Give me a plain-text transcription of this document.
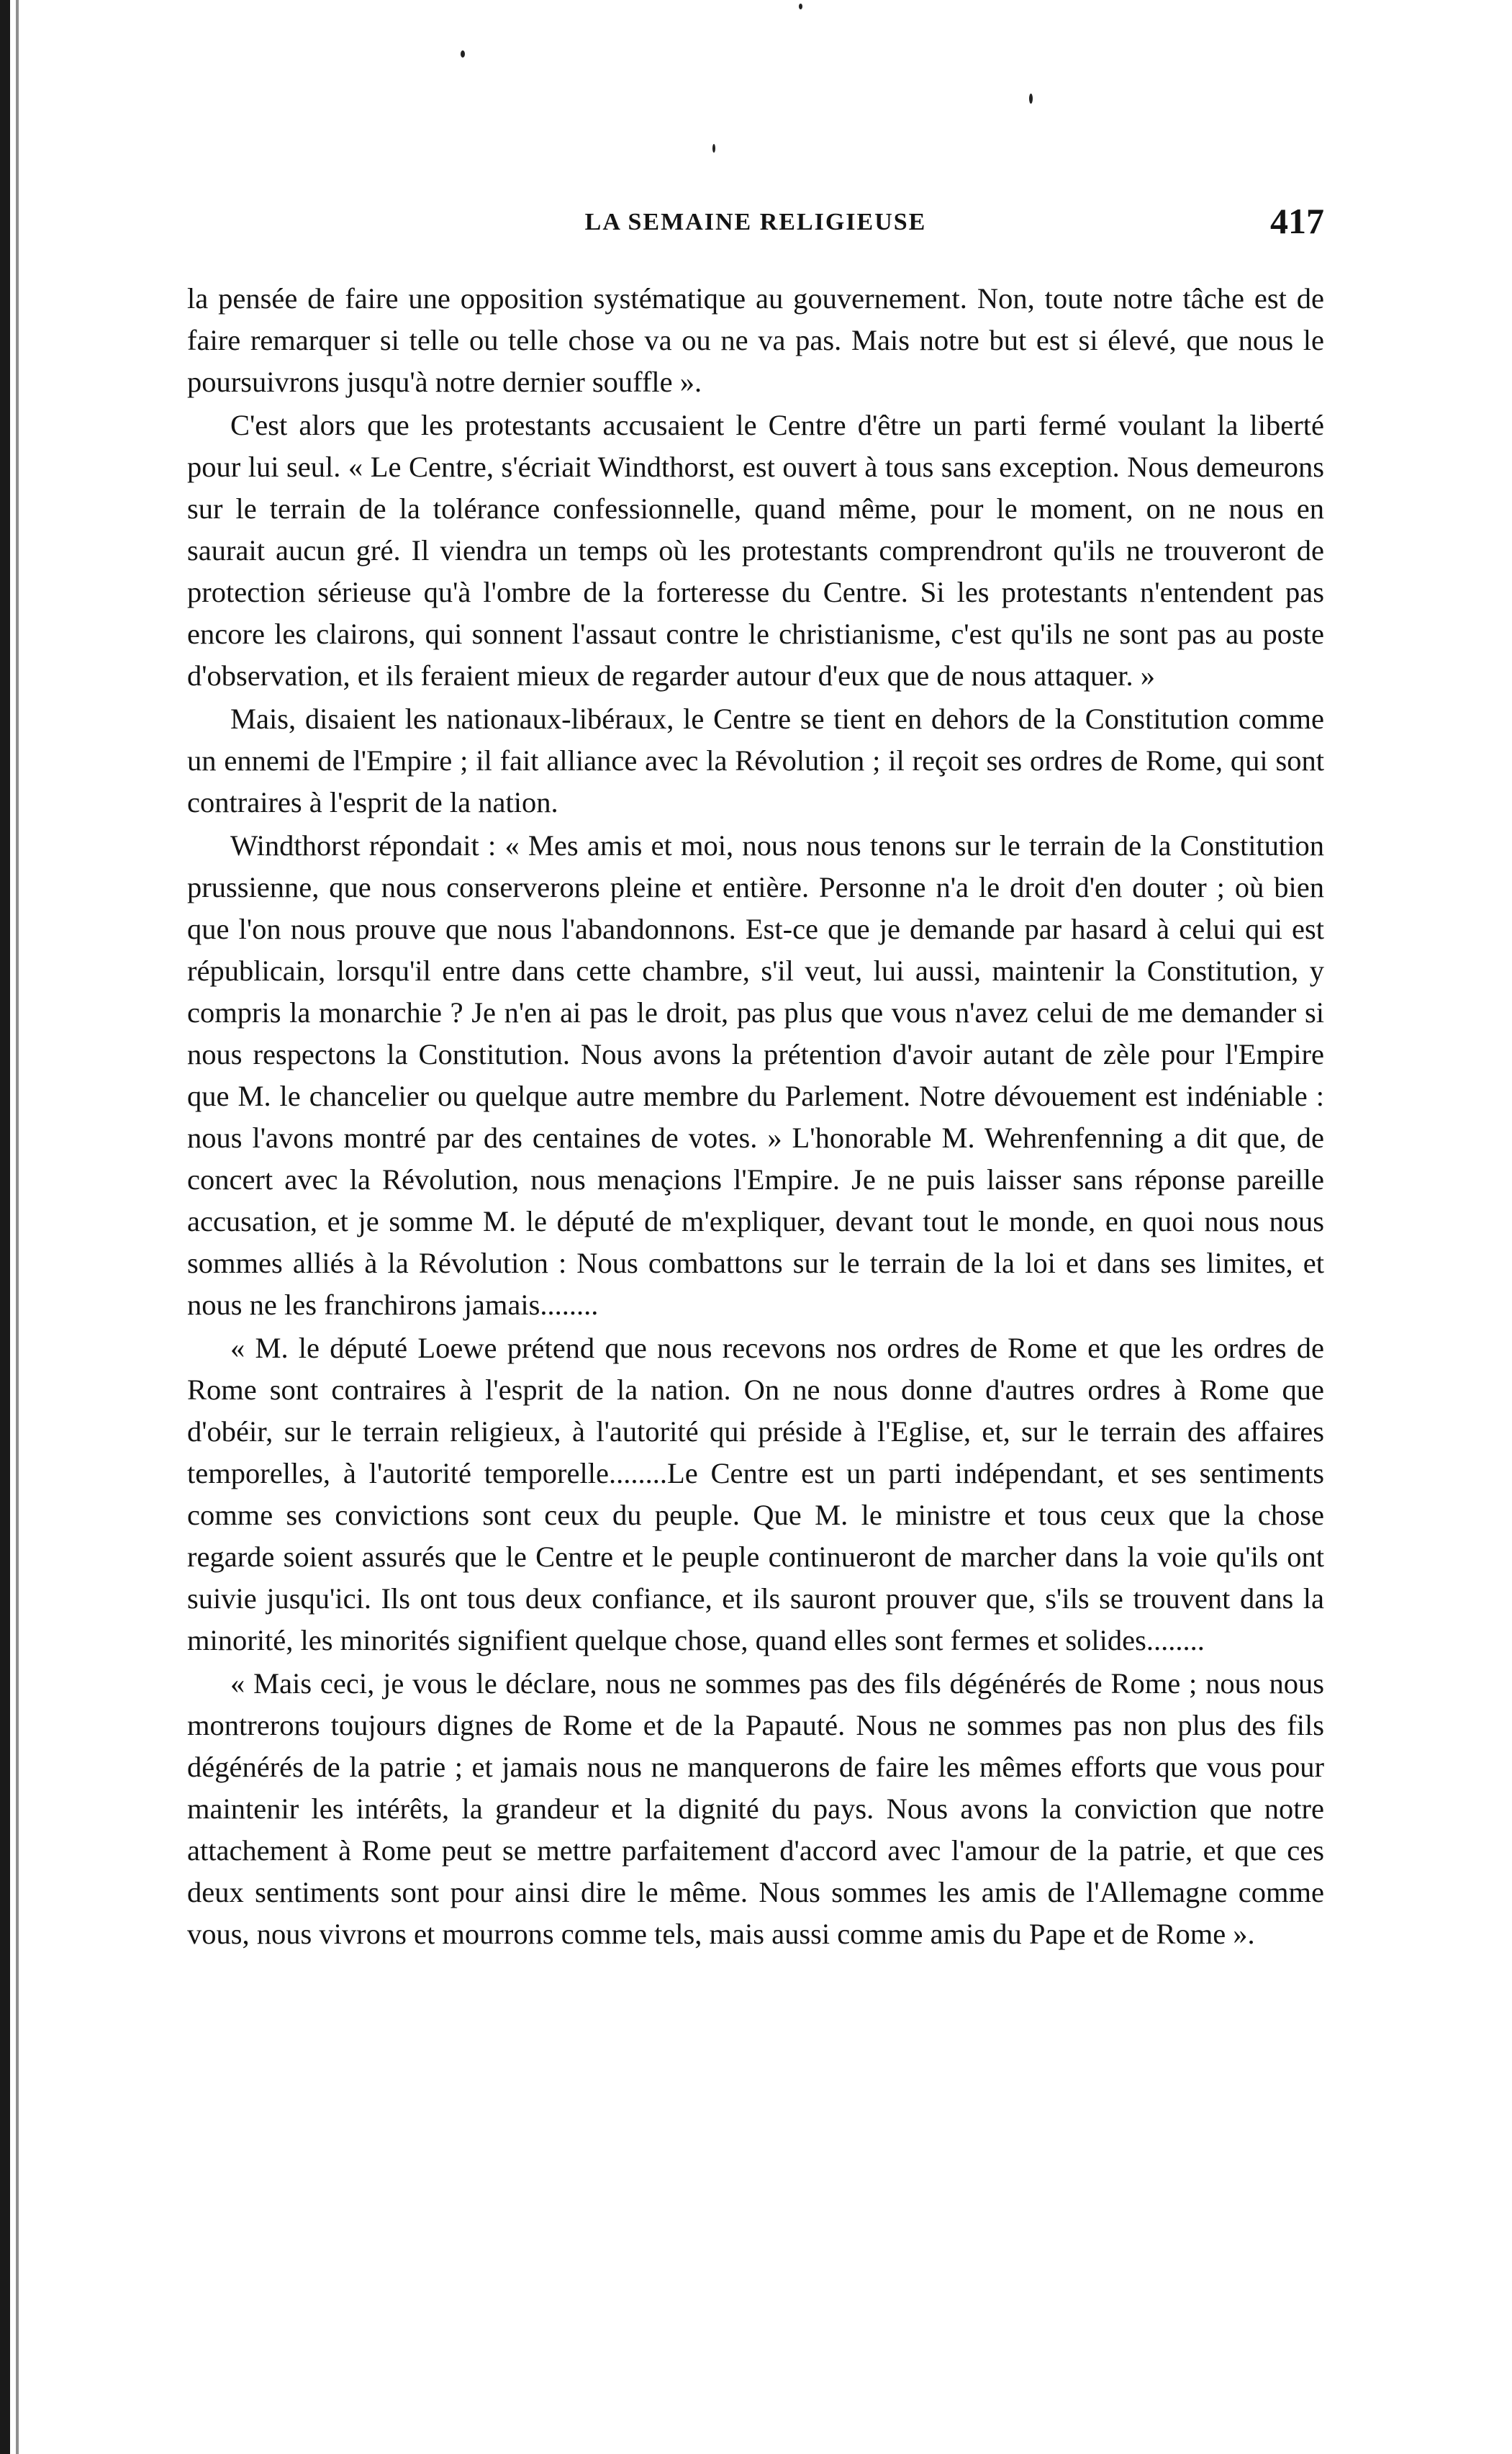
LA SEMAINE RELIGIEUSE	417

la pensée de faire une opposition systématique au gouvernement. Non, toute notre tâche est de faire remarquer si telle ou telle chose va ou ne va pas. Mais notre but est si élevé, que nous le poursuivrons jusqu'à notre dernier souffle ».

C'est alors que les protestants accusaient le Centre d'être un parti fermé voulant la liberté pour lui seul. « Le Centre, s'écriait Windthorst, est ouvert à tous sans exception. Nous demeurons sur le terrain de la tolérance confessionnelle, quand même, pour le moment, on ne nous en saurait aucun gré. Il viendra un temps où les protestants comprendront qu'ils ne trouveront de protection sérieuse qu'à l'ombre de la forteresse du Centre. Si les protestants n'entendent pas encore les clairons, qui sonnent l'assaut contre le christianisme, c'est qu'ils ne sont pas au poste d'observation, et ils feraient mieux de regarder autour d'eux que de nous attaquer. »

Mais, disaient les nationaux-libéraux, le Centre se tient en dehors de la Constitution comme un ennemi de l'Empire ; il fait alliance avec la Révolution ; il reçoit ses ordres de Rome, qui sont contraires à l'esprit de la nation.

Windthorst répondait : « Mes amis et moi, nous nous tenons sur le terrain de la Constitution prussienne, que nous conserverons pleine et entière. Personne n'a le droit d'en douter ; où bien que l'on nous prouve que nous l'abandonnons. Est-ce que je demande par hasard à celui qui est républicain, lorsqu'il entre dans cette chambre, s'il veut, lui aussi, maintenir la Constitution, y compris la monarchie ? Je n'en ai pas le droit, pas plus que vous n'avez celui de me demander si nous respectons la Constitution. Nous avons la prétention d'avoir autant de zèle pour l'Empire que M. le chancelier ou quelque autre membre du Parlement. Notre dévouement est indéniable : nous l'avons montré par des centaines de votes. » L'honorable M. Wehrenfenning a dit que, de concert avec la Révolution, nous menaçions l'Empire. Je ne puis laisser sans réponse pareille accusation, et je somme M. le député de m'expliquer, devant tout le monde, en quoi nous nous sommes alliés à la Révolution : Nous combattons sur le terrain de la loi et dans ses limites, et nous ne les franchirons jamais........

« M. le député Loewe prétend que nous recevons nos ordres de Rome et que les ordres de Rome sont contraires à l'esprit de la nation. On ne nous donne d'autres ordres à Rome que d'obéir, sur le terrain religieux, à l'autorité qui préside à l'Eglise, et, sur le terrain des affaires temporelles, à l'autorité temporelle........Le Centre est un parti indépendant, et ses sentiments comme ses convictions sont ceux du peuple. Que M. le ministre et tous ceux que la chose regarde soient assurés que le Centre et le peuple continueront de marcher dans la voie qu'ils ont suivie jusqu'ici. Ils ont tous deux confiance, et ils sauront prouver que, s'ils se trouvent dans la minorité, les minorités signifient quelque chose, quand elles sont fermes et solides........

« Mais ceci, je vous le déclare, nous ne sommes pas des fils dégénérés de Rome ; nous nous montrerons toujours dignes de Rome et de la Papauté. Nous ne sommes pas non plus des fils dégénérés de la patrie ; et jamais nous ne manquerons de faire les mêmes efforts que vous pour maintenir les intérêts, la grandeur et la dignité du pays. Nous avons la conviction que notre attachement à Rome peut se mettre parfaitement d'accord avec l'amour de la patrie, et que ces deux sentiments sont pour ainsi dire le même. Nous sommes les amis de l'Allemagne comme vous, nous vivrons et mourrons comme tels, mais aussi comme amis du Pape et de Rome ».
